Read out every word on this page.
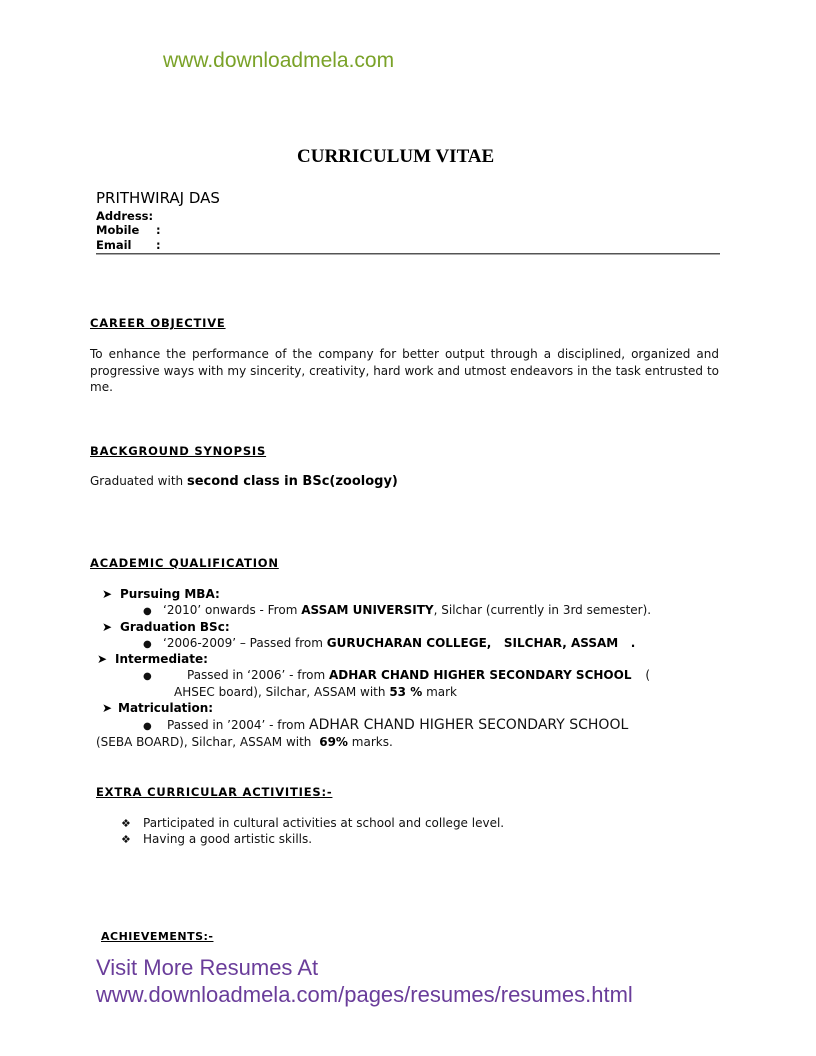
www.downloadmela.com
CURRICULUM VITAE
PRITHWIRAJ DAS
Address:
Mobile :
Email :
CAREER OBJECTIVE
To enhance the performance of the company for better output through a disciplined, organized and progressive ways with my sincerity, creativity, hard work and utmost endeavors in the task entrusted to me.
BACKGROUND SYNOPSIS
Graduated with second class in BSc(zoology)
ACADEMIC QUALIFICATION
➤ Pursuing MBA:
● ‘2010’ onwards - From ASSAM UNIVERSITY, Silchar (currently in 3rd semester).
➤ Graduation BSc:
● ‘2006-2009’ – Passed from GURUCHARAN COLLEGE,   SILCHAR, ASSAM   .
➤ Intermediate:
●	Passed in ‘2006’ - from ADHAR CHAND HIGHER SECONDARY SCHOOL (
AHSEC board), Silchar, ASSAM with 53 % mark
➤ Matriculation:
● Passed in ’2004’ - from ADHAR CHAND HIGHER SECONDARY SCHOOL
(SEBA BOARD), Silchar, ASSAM with 69% marks.
EXTRA CURRICULAR ACTIVITIES:-
❖ Participated in cultural activities at school and college level.
❖ Having a good artistic skills.
ACHIEVEMENTS:-
Visit More Resumes At
www.downloadmela.com/pages/resumes/resumes.html
